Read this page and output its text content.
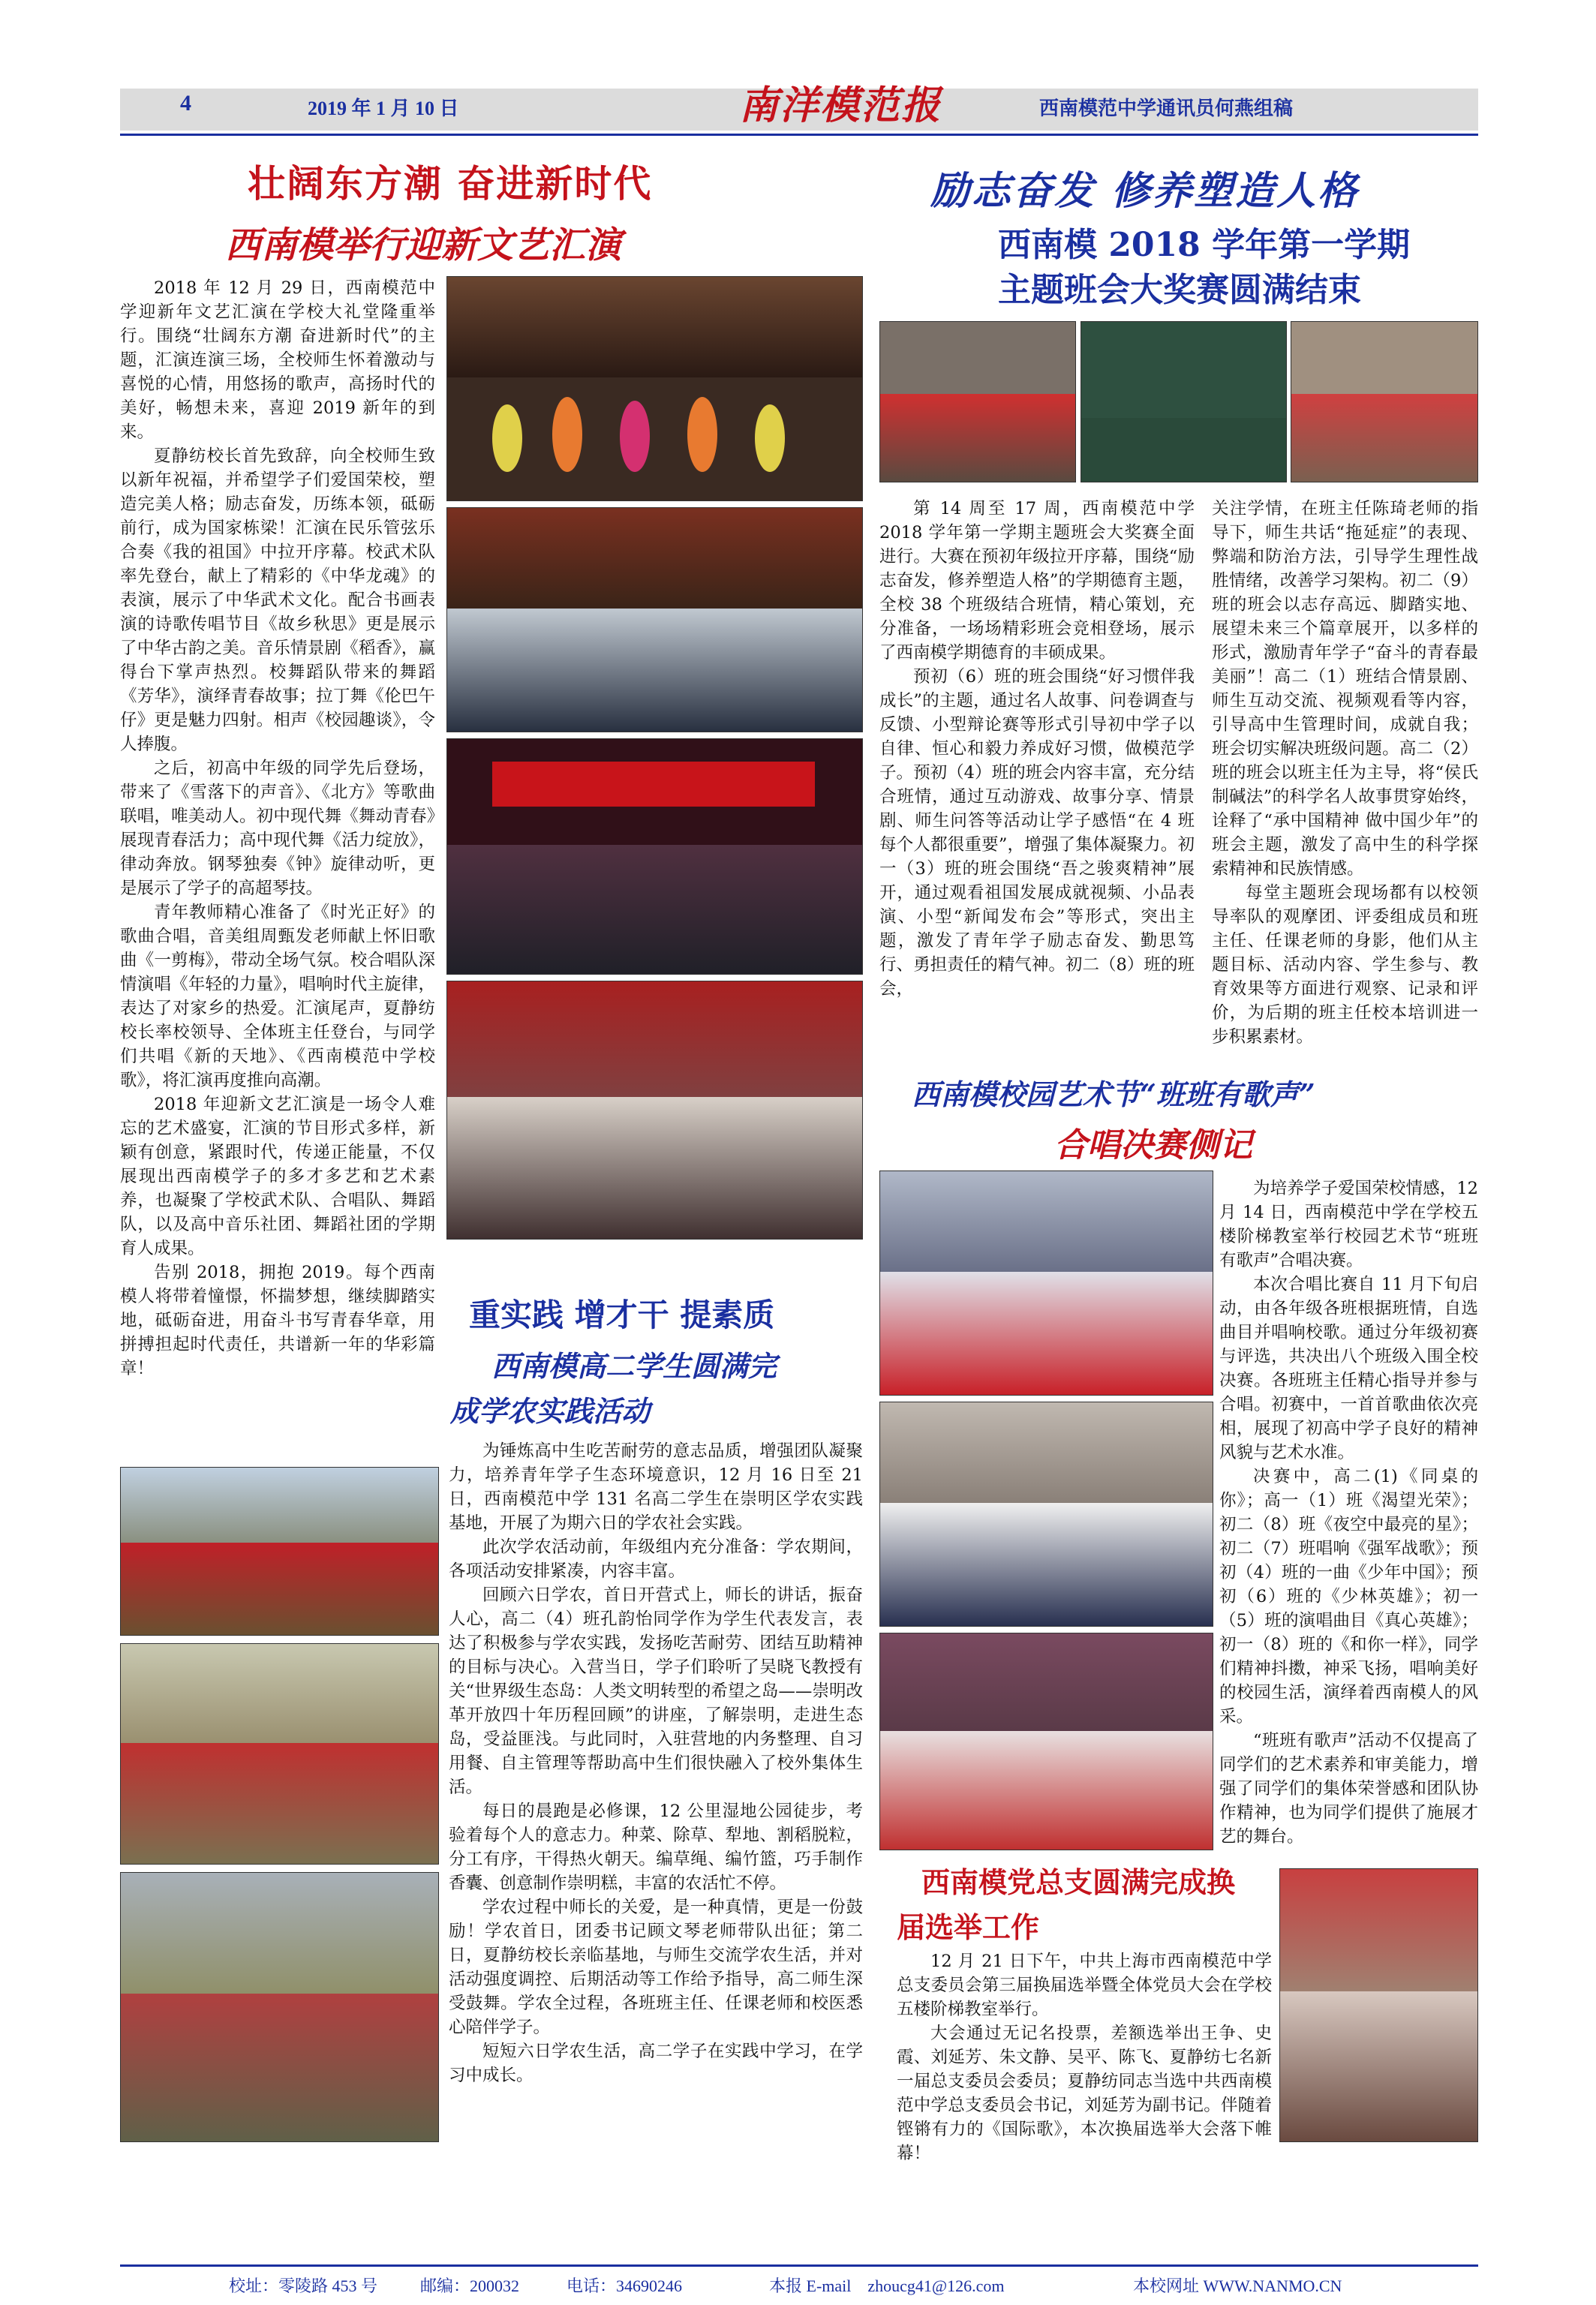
4	2019 年 1 月 10 日	南洋模范报	西南模范中学通讯员何燕组稿
壮阔东方潮 奋进新时代
西南模举行迎新文艺汇演

2018 年 12 月 29 日，西南模范中学迎新年文艺汇演在学校大礼堂隆重举行。围绕“壮阔东方潮 奋进新时代”的主题，汇演连演三场，全校师生怀着激动与喜悦的心情，用悠扬的歌声，高扬时代的美好，畅想未来，喜迎 2019 新年的到来。

夏静纺校长首先致辞，向全校师生致以新年祝福，并希望学子们爱国荣校，塑造完美人格；励志奋发，历练本领，砥砺前行，成为国家栋梁！汇演在民乐管弦乐合奏《我的祖国》中拉开序幕。校武术队率先登台，献上了精彩的《中华龙魂》的表演，展示了中华武术文化。配合书画表演的诗歌传唱节目《故乡秋思》更是展示了中华古韵之美。音乐情景剧《稻香》，赢得台下掌声热烈。校舞蹈队带来的舞蹈《芳华》，演绎青春故事；拉丁舞《伦巴午仔》更是魅力四射。相声《校园趣谈》，令人捧腹。

之后，初高中年级的同学先后登场，带来了《雪落下的声音》、《北方》等歌曲联唱，唯美动人。初中现代舞《舞动青春》展现青春活力；高中现代舞《活力绽放》，律动奔放。钢琴独奏《钟》旋律动听，更是展示了学子的高超琴技。

青年教师精心准备了《时光正好》的歌曲合唱，音美组周甄发老师献上怀旧歌曲《一剪梅》，带动全场气氛。校合唱队深情演唱《年轻的力量》，唱响时代主旋律，表达了对家乡的热爱。汇演尾声，夏静纺校长率校领导、全体班主任登台，与同学们共唱《新的天地》、《西南模范中学校歌》，将汇演再度推向高潮。

2018 年迎新文艺汇演是一场令人难忘的艺术盛宴，汇演的节目形式多样，新颖有创意，紧跟时代，传递正能量，不仅展现出西南模学子的多才多艺和艺术素养，也凝聚了学校武术队、合唱队、舞蹈队，以及高中音乐社团、舞蹈社团的学期育人成果。

告别 2018，拥抱 2019。每个西南模人将带着憧憬，怀揣梦想，继续脚踏实地，砥砺奋进，用奋斗书写青春华章，用拼搏担起时代责任，共谱新一年的华彩篇章！

重实践 增才干 提素质
西南模高二学生圆满完
成学农实践活动

为锤炼高中生吃苦耐劳的意志品质，增强团队凝聚力，培养青年学子生态环境意识，12 月 16 日至 21 日，西南模范中学 131 名高二学生在崇明区学农实践基地，开展了为期六日的学农社会实践。

此次学农活动前，年级组内充分准备：学农期间，各项活动安排紧凑，内容丰富。

回顾六日学农，首日开营式上，师长的讲话，振奋人心，高二（4）班孔韵怡同学作为学生代表发言，表达了积极参与学农实践，发扬吃苦耐劳、团结互助精神的目标与决心。入营当日，学子们聆听了吴晓飞教授有关“世界级生态岛：人类文明转型的希望之岛——崇明改革开放四十年历程回顾”的讲座，了解崇明，走进生态岛，受益匪浅。与此同时，入驻营地的内务整理、自习用餐、自主管理等帮助高中生们很快融入了校外集体生活。

每日的晨跑是必修课，12 公里湿地公园徒步，考验着每个人的意志力。种菜、除草、犁地、割稻脱粒，分工有序，干得热火朝天。编草绳、编竹篮，巧手制作香囊、创意制作崇明糕，丰富的农活忙不停。

学农过程中师长的关爱，是一种真情，更是一份鼓励！学农首日，团委书记顾文琴老师带队出征；第二日，夏静纺校长亲临基地，与师生交流学农生活，并对活动强度调控、后期活动等工作给予指导，高二师生深受鼓舞。学农全过程，各班班主任、任课老师和校医悉心陪伴学子。

短短六日学农生活，高二学子在实践中学习，在学习中成长。

励志奋发 修养塑造人格
西南模 2018 学年第一学期
主题班会大奖赛圆满结束

第 14 周至 17 周，西南模范中学 2018 学年第一学期主题班会大奖赛全面进行。大赛在预初年级拉开序幕，围绕“励志奋发，修养塑造人格”的学期德育主题，全校 38 个班级结合班情，精心策划，充分准备，一场场精彩班会竞相登场，展示了西南模学期德育的丰硕成果。

预初（6）班的班会围绕“好习惯伴我成长”的主题，通过名人故事、问卷调查与反馈、小型辩论赛等形式引导初中学子以自律、恒心和毅力养成好习惯，做模范学子。预初（4）班的班会内容丰富，充分结合班情，通过互动游戏、故事分享、情景剧、师生问答等活动让学子感悟“在 4 班每个人都很重要”，增强了集体凝聚力。初一（3）班的班会围绕“吾之骏爽精神”展开，通过观看祖国发展成就视频、小品表演、小型“新闻发布会”等形式，突出主题，激发了青年学子励志奋发、勤思笃行、勇担责任的精气神。初二（8）班的班会，

关注学情，在班主任陈琦老师的指导下，师生共话“拖延症”的表现、弊端和防治方法，引导学生理性战胜情绪，改善学习架构。初二（9）班的班会以志存高远、脚踏实地、展望未来三个篇章展开，以多样的形式，激励青年学子“奋斗的青春最美丽”！高二（1）班结合情景剧、师生互动交流、视频观看等内容，引导高中生管理时间，成就自我；班会切实解决班级问题。高二（2）班的班会以班主任为主导，将“侯氏制碱法”的科学名人故事贯穿始终，诠释了“承中国精神 做中国少年”的班会主题，激发了高中生的科学探索精神和民族情感。

每堂主题班会现场都有以校领导率队的观摩团、评委组成员和班主任、任课老师的身影，他们从主题目标、活动内容、学生参与、教育效果等方面进行观察、记录和评价，为后期的班主任校本培训进一步积累素材。

西南模校园艺术节“班班有歌声”
合唱决赛侧记

为培养学子爱国荣校情感，12 月 14 日，西南模范中学在学校五楼阶梯教室举行校园艺术节“班班有歌声”合唱决赛。

本次合唱比赛自 11 月下旬启动，由各年级各班根据班情，自选曲目并唱响校歌。通过分年级初赛与评选，共决出八个班级入围全校决赛。各班班主任精心指导并参与合唱。初赛中，一首首歌曲依次亮相，展现了初高中学子良好的精神风貌与艺术水准。

决赛中，高二(1)《同桌的你》；高一（1）班《渴望光荣》；初二（8）班《夜空中最亮的星》；初二（7）班唱响《强军战歌》；预初（4）班的一曲《少年中国》；预初（6）班的《少林英雄》；初一（5）班的演唱曲目《真心英雄》；初一（8）班的《和你一样》，同学们精神抖擞，神采飞扬，唱响美好的校园生活，演绎着西南模人的风采。

“班班有歌声”活动不仅提高了同学们的艺术素养和审美能力，增强了同学们的集体荣誉感和团队协作精神，也为同学们提供了施展才艺的舞台。

西南模党总支圆满完成换
届选举工作

12 月 21 日下午，中共上海市西南模范中学总支委员会第三届换届选举暨全体党员大会在学校五楼阶梯教室举行。

大会通过无记名投票，差额选举出王争、史霞、刘延芳、朱文静、吴平、陈飞、夏静纺七名新一届总支委员会委员；夏静纺同志当选中共西南模范中学总支委员会书记，刘延芳为副书记。伴随着铿锵有力的《国际歌》，本次换届选举大会落下帷幕！

校址：零陵路 453 号	邮编：200032	电话：34690246	本报 E-mail　zhoucg41@126.com	本校网址 WWW.NANMO.CN
